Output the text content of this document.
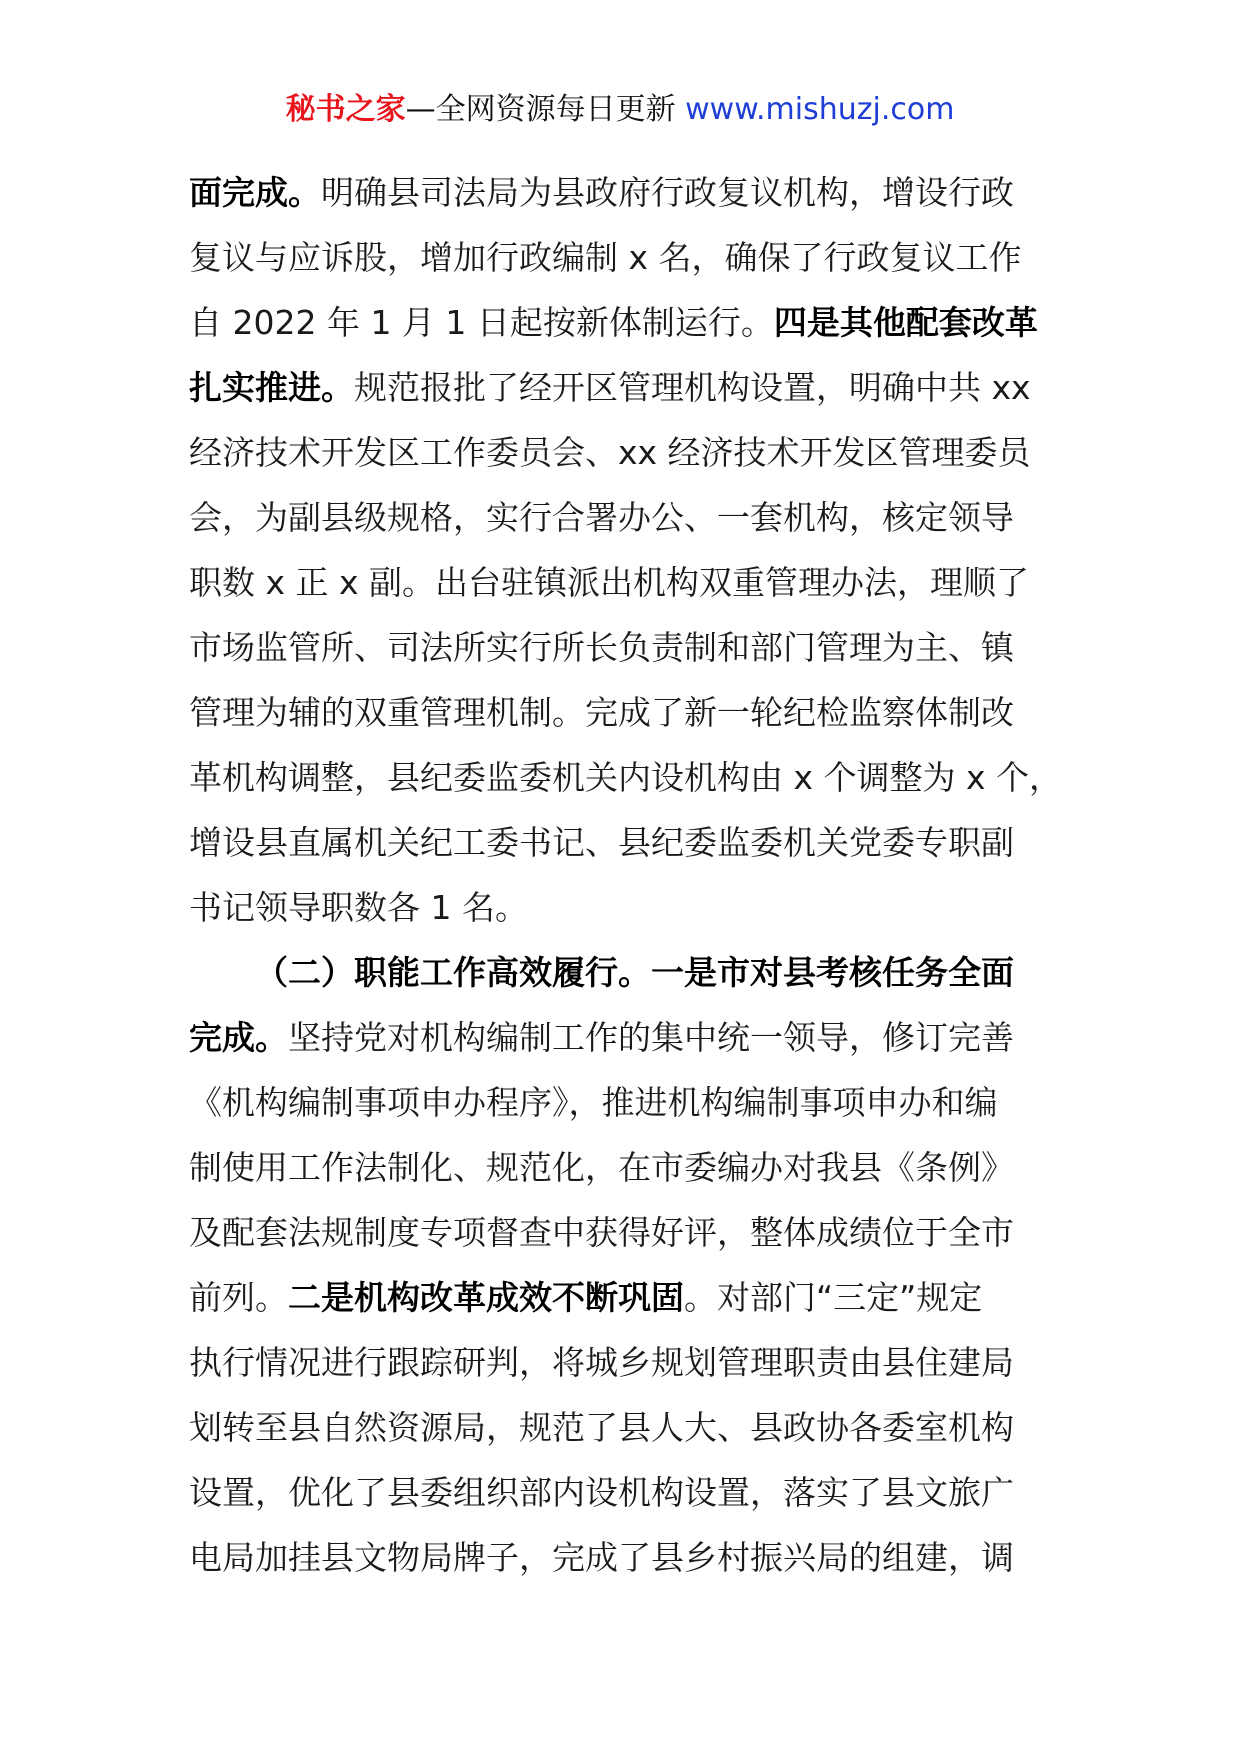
秘书之家—全网资源每日更新 www.mishuzj.com
面完成。明确县司法局为县政府行政复议机构，增设行政
复议与应诉股，增加行政编制 x 名，确保了行政复议工作
自 2022 年 1 月 1 日起按新体制运行。四是其他配套改革
扎实推进。规范报批了经开区管理机构设置，明确中共 xx
经济技术开发区工作委员会、xx 经济技术开发区管理委员
会，为副县级规格，实行合署办公、一套机构，核定领导
职数 x 正 x 副。出台驻镇派出机构双重管理办法，理顺了
市场监管所、司法所实行所长负责制和部门管理为主、镇
管理为辅的双重管理机制。完成了新一轮纪检监察体制改
革机构调整，县纪委监委机关内设机构由 x 个调整为 x 个，
增设县直属机关纪工委书记、县纪委监委机关党委专职副
书记领导职数各 1 名。
（二）职能工作高效履行。一是市对县考核任务全面
完成。坚持党对机构编制工作的集中统一领导，修订完善
《机构编制事项申办程序》，推进机构编制事项申办和编
制使用工作法制化、规范化，在市委编办对我县《条例》
及配套法规制度专项督查中获得好评，整体成绩位于全市
前列。二是机构改革成效不断巩固。对部门“三定”规定
执行情况进行跟踪研判，将城乡规划管理职责由县住建局
划转至县自然资源局，规范了县人大、县政协各委室机构
设置，优化了县委组织部内设机构设置，落实了县文旅广
电局加挂县文物局牌子，完成了县乡村振兴局的组建，调
